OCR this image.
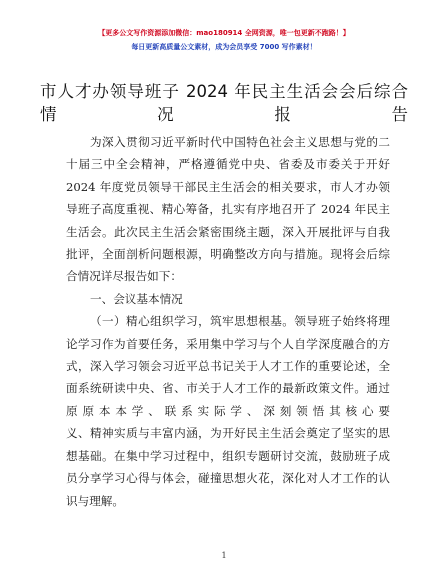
【更多公文写作资源添加微信：mao180914 全网资源，唯一包更新不跑路！】
每日更新高质量公文素材，成为会员享受 7000 写作素材！
市人才办领导班子 2024 年民主生活会会后综合
情况报告
为深入贯彻习近平新时代中国特色社会主义思想与党的二
十届三中全会精神，严格遵循党中央、省委及市委关于开好
2024 年度党员领导干部民主生活会的相关要求，市人才办领
导班子高度重视、精心筹备，扎实有序地召开了 2024 年民主
生活会。此次民主生活会紧密围绕主题，深入开展批评与自我
批评，全面剖析问题根源，明确整改方向与措施。现将会后综
合情况详尽报告如下：
一、会议基本情况
（一）精心组织学习，筑牢思想根基。领导班子始终将理
论学习作为首要任务，采用集中学习与个人自学深度融合的方
式，深入学习领会习近平总书记关于人才工作的重要论述，全
面系统研读中央、省、市关于人才工作的最新政策文件。通过
原原本本学、联系实际学、深刻领悟其核心要
义、精神实质与丰富内涵，为开好民主生活会奠定了坚实的思
想基础。在集中学习过程中，组织专题研讨交流，鼓励班子成
员分享学习心得与体会，碰撞思想火花，深化对人才工作的认
识与理解。
1
